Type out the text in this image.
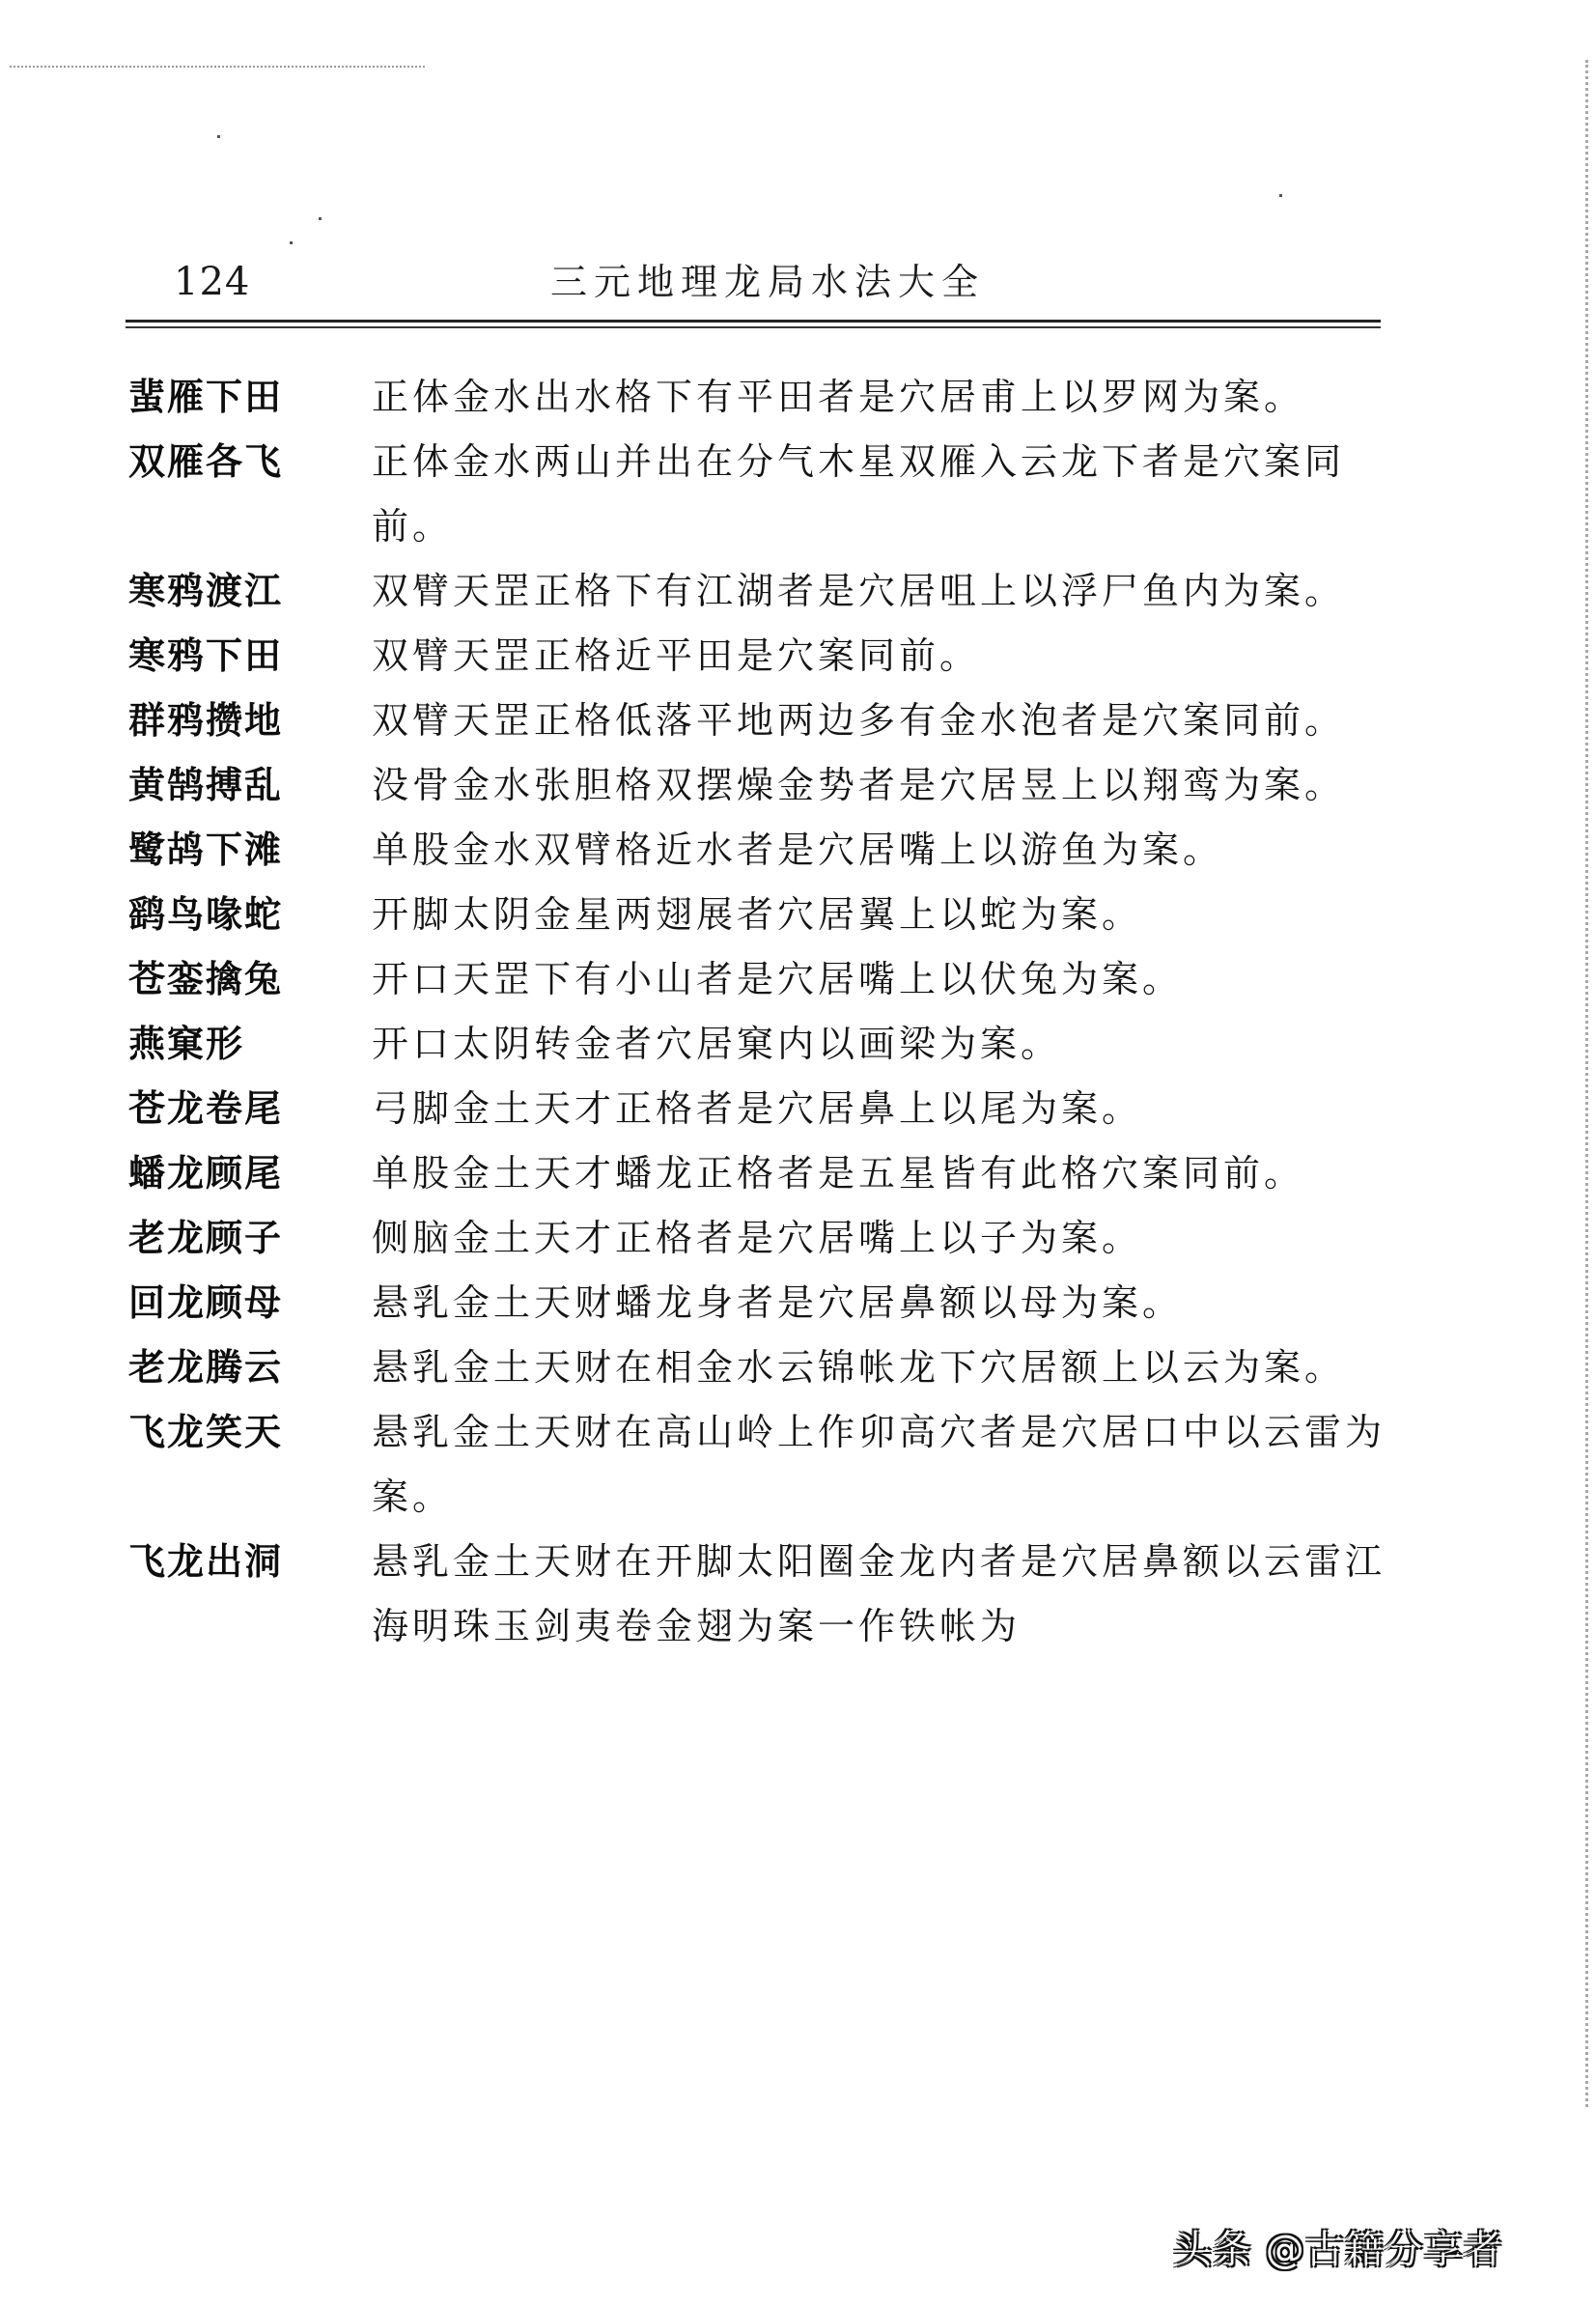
124	三元地理龙局水法大全
蜚雁下田	正体金水出水格下有平田者是穴居甫上以罗网为案。
双雁各飞	正体金水两山并出在分气木星双雁入云龙下者是穴案同前。
寒鸦渡江	双臂天罡正格下有江湖者是穴居咀上以浮尸鱼内为案。
寒鸦下田	双臂天罡正格近平田是穴案同前。
群鸦攒地	双臂天罡正格低落平地两边多有金水泡者是穴案同前。
黄鹄搏乱	没骨金水张胆格双摆燥金势者是穴居昱上以翔鸾为案。
鹭鸪下滩	单股金水双臂格近水者是穴居嘴上以游鱼为案。
鹞鸟喙蛇	开脚太阴金星两翅展者穴居翼上以蛇为案。
苍銮擒兔	开口天罡下有小山者是穴居嘴上以伏兔为案。
燕窠形	开口太阴转金者穴居窠内以画梁为案。
苍龙卷尾	弓脚金土天才正格者是穴居鼻上以尾为案。
蟠龙顾尾	单股金土天才蟠龙正格者是五星皆有此格穴案同前。
老龙顾子	侧脑金土天才正格者是穴居嘴上以子为案。
回龙顾母	悬乳金土天财蟠龙身者是穴居鼻额以母为案。
老龙腾云	悬乳金土天财在相金水云锦帐龙下穴居额上以云为案。
飞龙笑天	悬乳金土天财在高山岭上作卯高穴者是穴居口中以云雷为案。
飞龙出洞	悬乳金土天财在开脚太阳圈金龙内者是穴居鼻额以云雷江海明珠玉剑夷卷金翅为案一作铁帐为
头条 @古籍分享者
